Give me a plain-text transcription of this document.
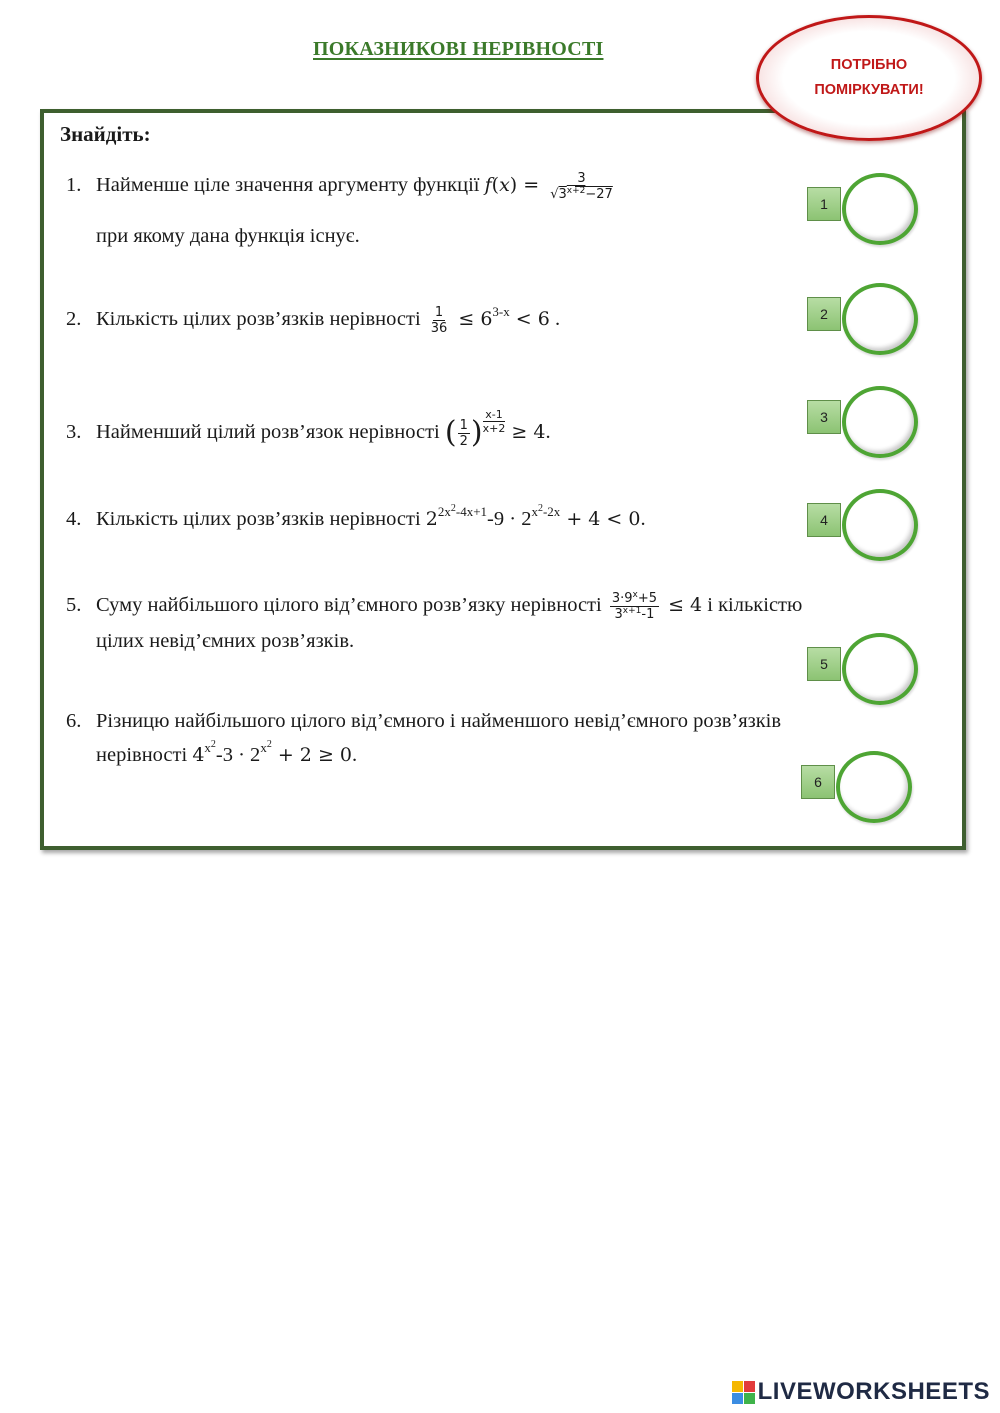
ПОКАЗНИКОВІ НЕРІВНОСТІ
ПОТРІБНО
ПОМІРКУВАТИ!
Знайдіть:
1. Найменше ціле значення аргументу функції $f(x) = \frac{3}{√3^{x+2}-27}$
при якому дана функція існує.
2. Кількість цілих розв’язків нерівності $\frac{1}{36} \le 6^{3-x} < 6$ .
3. Найменший цілий розв’язок нерівності ( $\frac{1}{2}$ ) $\frac{x-1}{x+2} \ge 4$.
4. Кількість цілих розв’язків нерівності $2^{2x^2-4x+1}-9 \cdot 2^{x^2-2x} + 4 < 0$.
5. Суму найбільшого цілого від’ємного розв’язку нерівності $\frac{3\cdot 9^x+5}{3^{x+1}-1} \le 4$ і кількістю
цілих невід’ємних розв’язків.
6. Різницю найбільшого цілого від’ємного і найменшого невід’ємного розв’язків
нерівності $4^{x^2}-3 \cdot 2^{x^2} + 2 \ge 0$.
1
2
3
4
5
6
LIVEWORKSHEETS
